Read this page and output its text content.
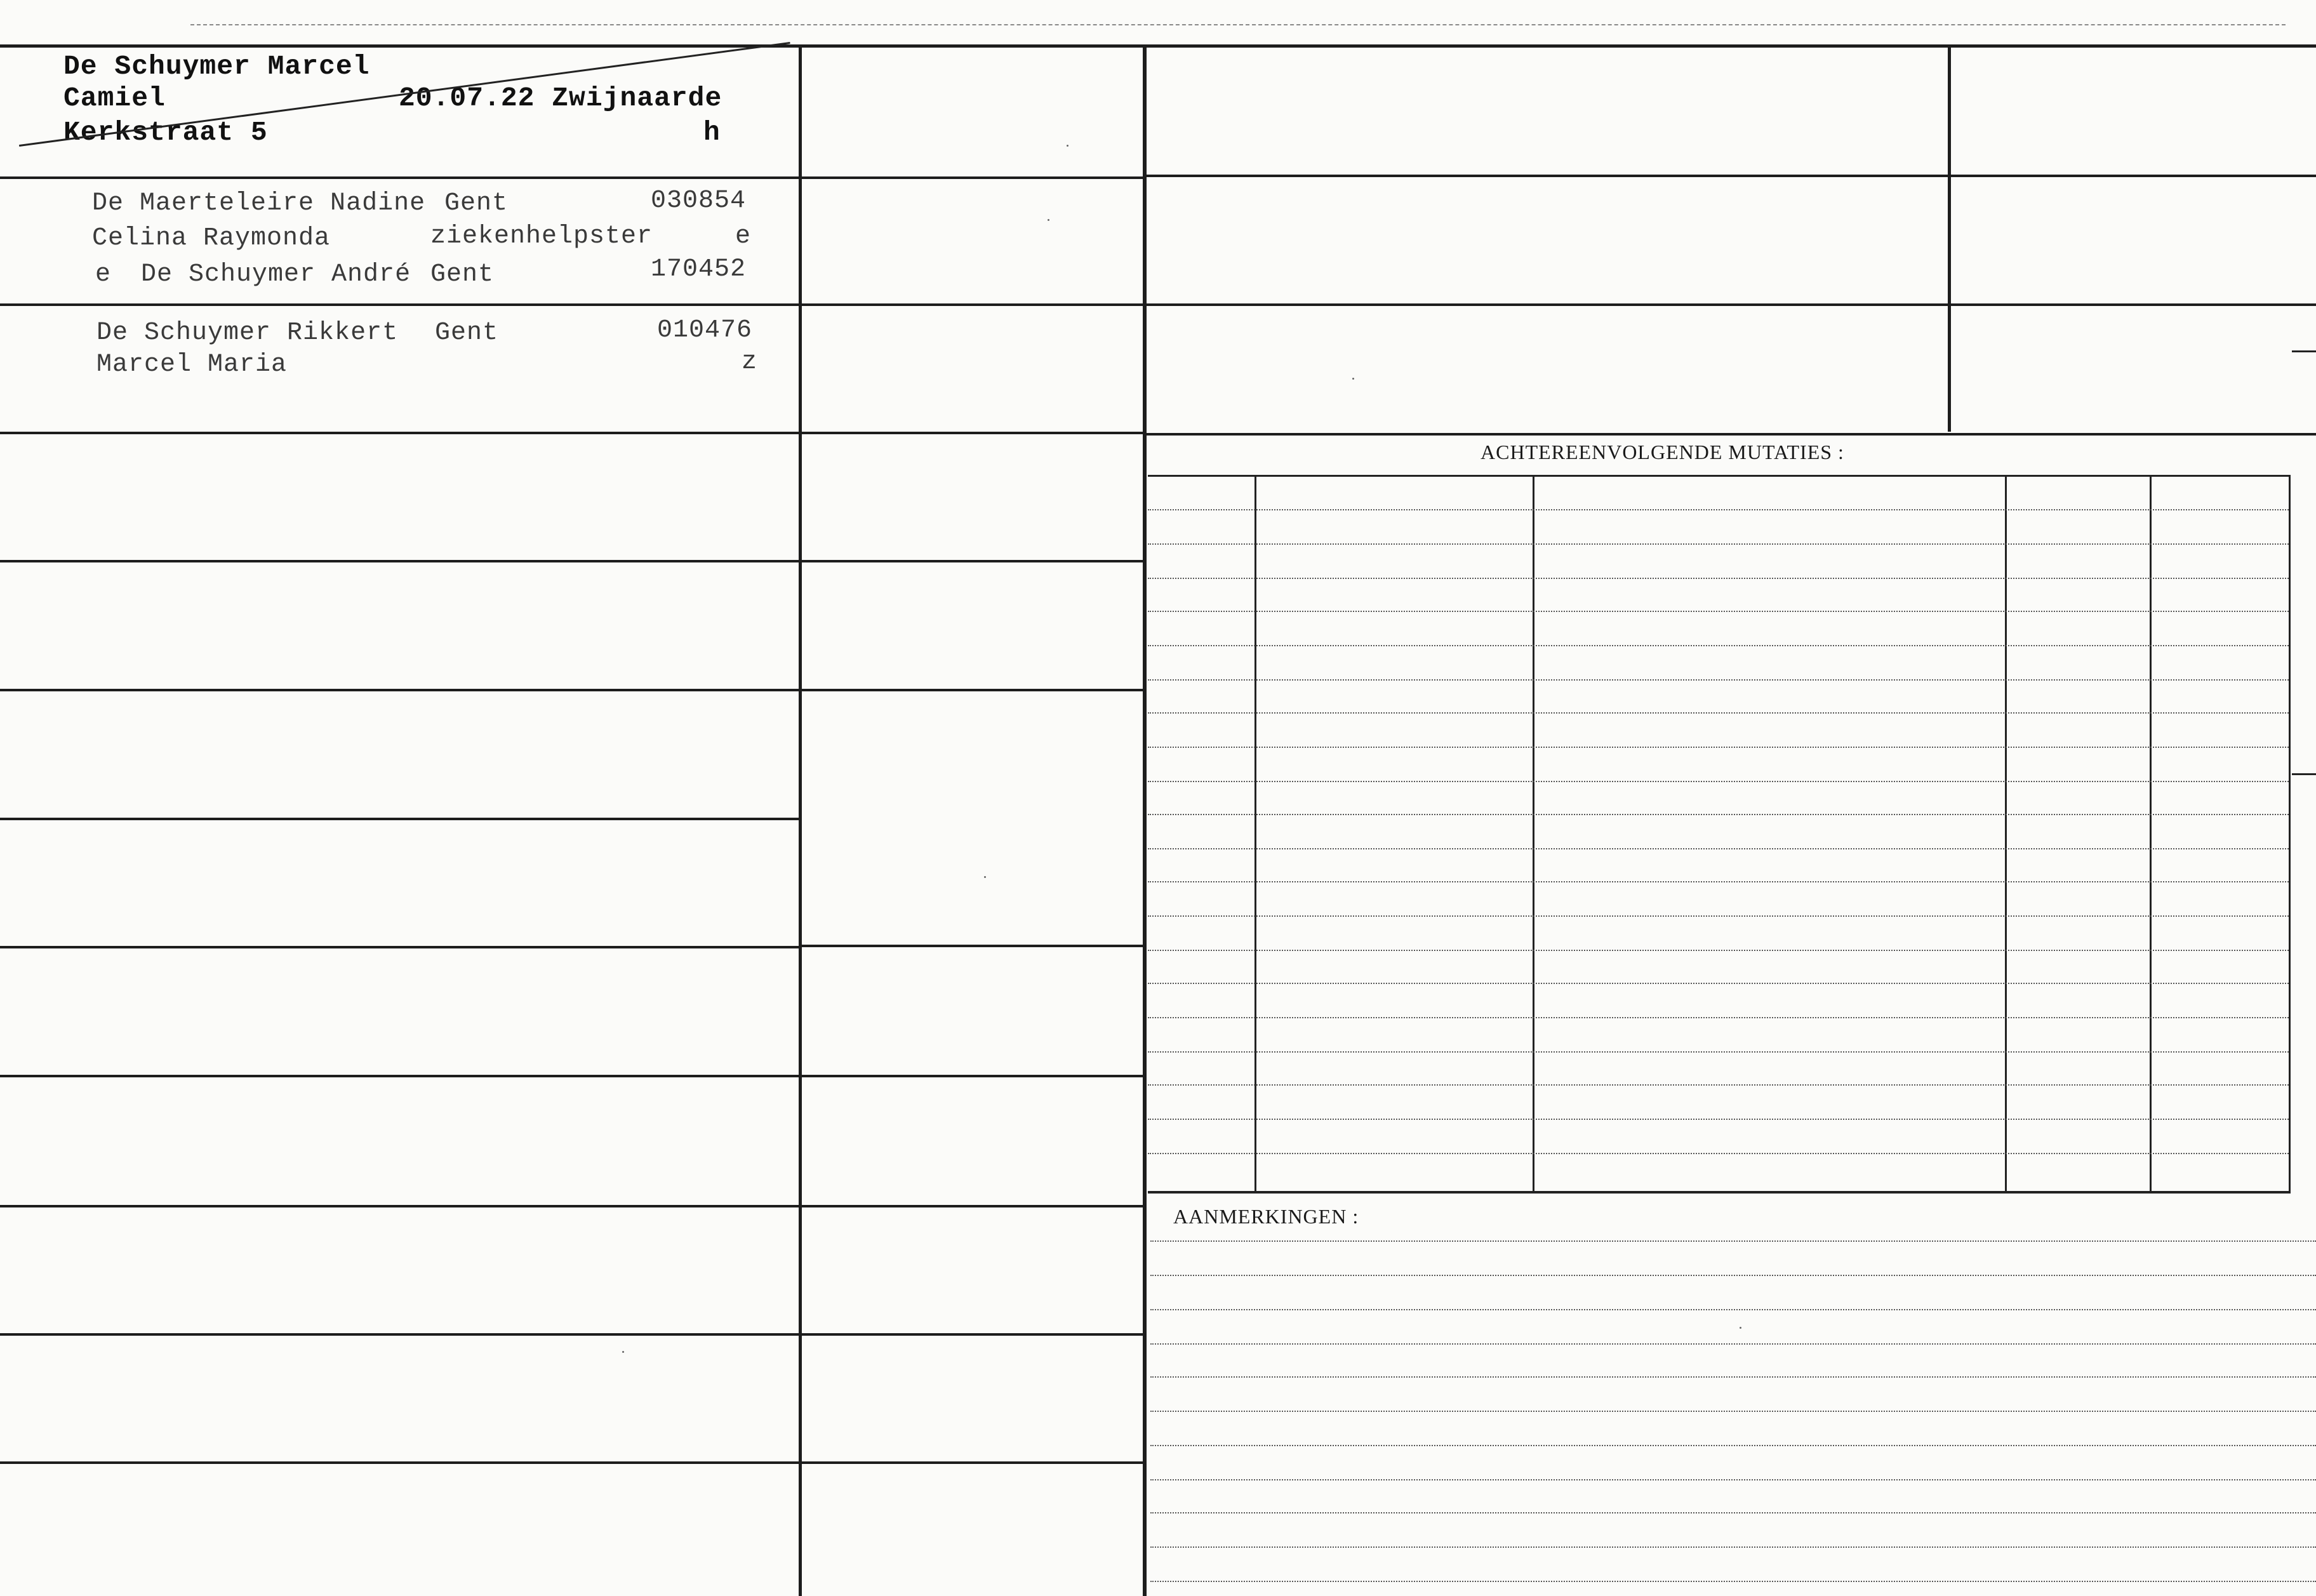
De Schuymer Marcel
Camiel	20.07.22 Zwijnaarde
Kerkstraat 5	h
De Maerteleire Nadine Gent	030854
Celina Raymonda	ziekenhelpster	e
e De Schuymer André Gent	170452
De Schuymer Rikkert Gent	010476
Marcel Maria	z
ACHTEREENVOLGENDE MUTATIES :
AANMERKINGEN :
